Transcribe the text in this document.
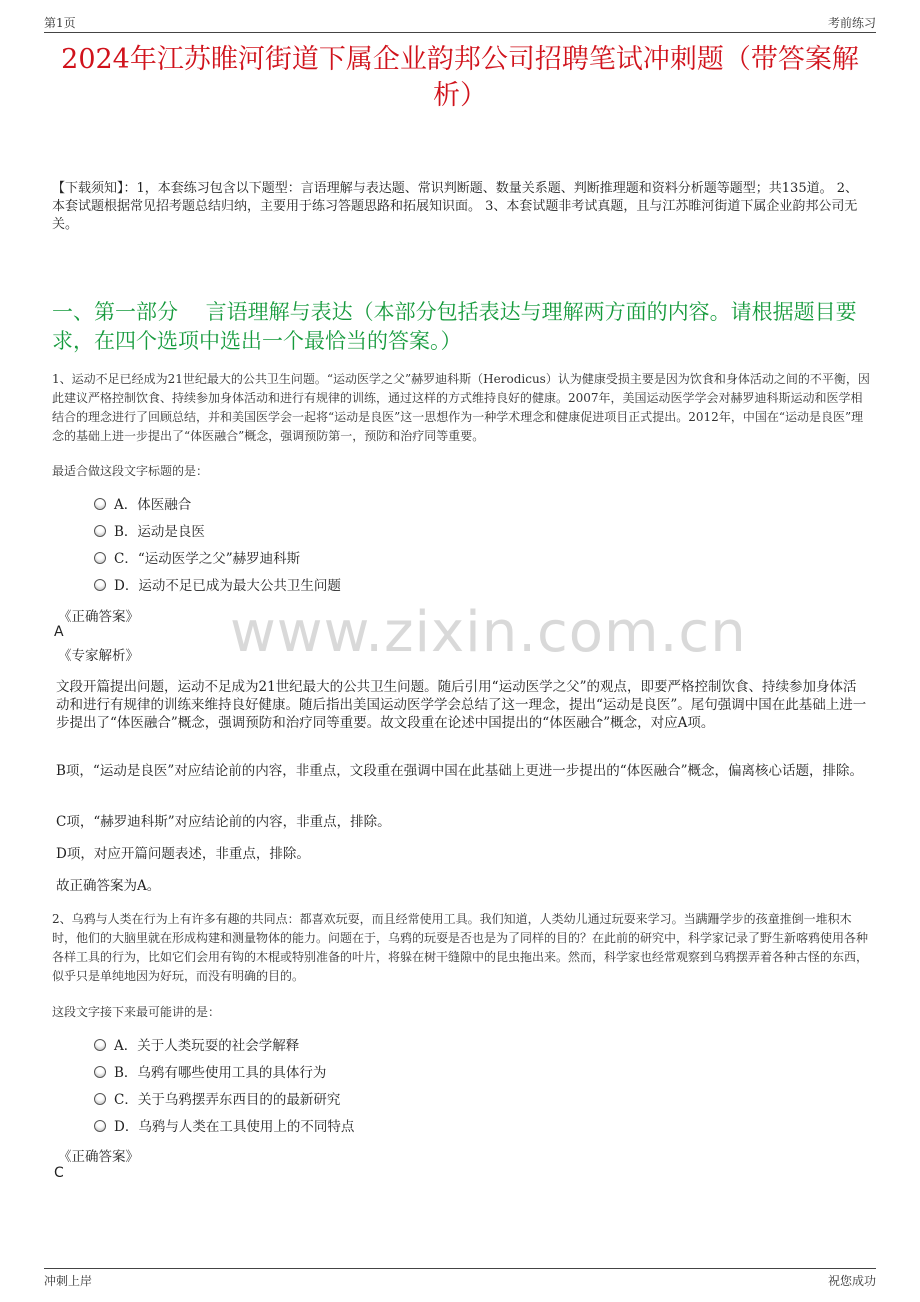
第1页	考前练习
2024年江苏睢河街道下属企业韵邦公司招聘笔试冲刺题（带答案解析）
【下载须知】：1，本套练习包含以下题型：言语理解与表达题、常识判断题、数量关系题、判断推理题和资料分析题等题型；共135道。 2、本套试题根据常见招考题总结归纳，主要用于练习答题思路和拓展知识面。 3、本套试题非考试真题，且与江苏睢河街道下属企业韵邦公司无关。
一、第一部分　 言语理解与表达（本部分包括表达与理解两方面的内容。请根据题目要求，在四个选项中选出一个最恰当的答案。）
1、运动不足已经成为21世纪最大的公共卫生问题。“运动医学之父”赫罗迪科斯（Herodicus）认为健康受损主要是因为饮食和身体活动之间的不平衡，因此建议严格控制饮食、持续参加身体活动和进行有规律的训练，通过这样的方式维持良好的健康。2007年，美国运动医学学会对赫罗迪科斯运动和医学相结合的理念进行了回顾总结，并和美国医学会一起将“运动是良医”这一思想作为一种学术理念和健康促进项目正式提出。2012年，中国在“运动是良医”理念的基础上进一步提出了“体医融合”概念，强调预防第一，预防和治疗同等重要。
最适合做这段文字标题的是：
A．体医融合
B．运动是良医
C．“运动医学之父”赫罗迪科斯
D．运动不足已成为最大公共卫生问题
《正确答案》
A
《专家解析》 www.zixin.com.cn
文段开篇提出问题，运动不足成为21世纪最大的公共卫生问题。随后引用“运动医学之父”的观点，即要严格控制饮食、持续参加身体活动和进行有规律的训练来维持良好健康。随后指出美国运动医学学会总结了这一理念，提出“运动是良医”。尾句强调中国在此基础上进一步提出了“体医融合”概念，强调预防和治疗同等重要。故文段重在论述中国提出的“体医融合”概念，对应A项。
B项，“运动是良医”对应结论前的内容，非重点，文段重在强调中国在此基础上更进一步提出的“体医融合”概念，偏离核心话题，排除。
C项，“赫罗迪科斯”对应结论前的内容，非重点，排除。
D项，对应开篇问题表述，非重点，排除。
故正确答案为A。
2、乌鸦与人类在行为上有许多有趣的共同点：都喜欢玩耍，而且经常使用工具。我们知道，人类幼儿通过玩耍来学习。当蹒跚学步的孩童推倒一堆积木时，他们的大脑里就在形成构建和测量物体的能力。问题在于，乌鸦的玩耍是否也是为了同样的目的？在此前的研究中，科学家记录了野生新喀鸦使用各种各样工具的行为，比如它们会用有钩的木棍或特别准备的叶片，将躲在树干缝隙中的昆虫拖出来。然而，科学家也经常观察到乌鸦摆弄着各种古怪的东西，似乎只是单纯地因为好玩，而没有明确的目的。
这段文字接下来最可能讲的是：
A．关于人类玩耍的社会学解释
B．乌鸦有哪些使用工具的具体行为
C．关于乌鸦摆弄东西目的的最新研究
D．乌鸦与人类在工具使用上的不同特点
《正确答案》
C
冲刺上岸	祝您成功
